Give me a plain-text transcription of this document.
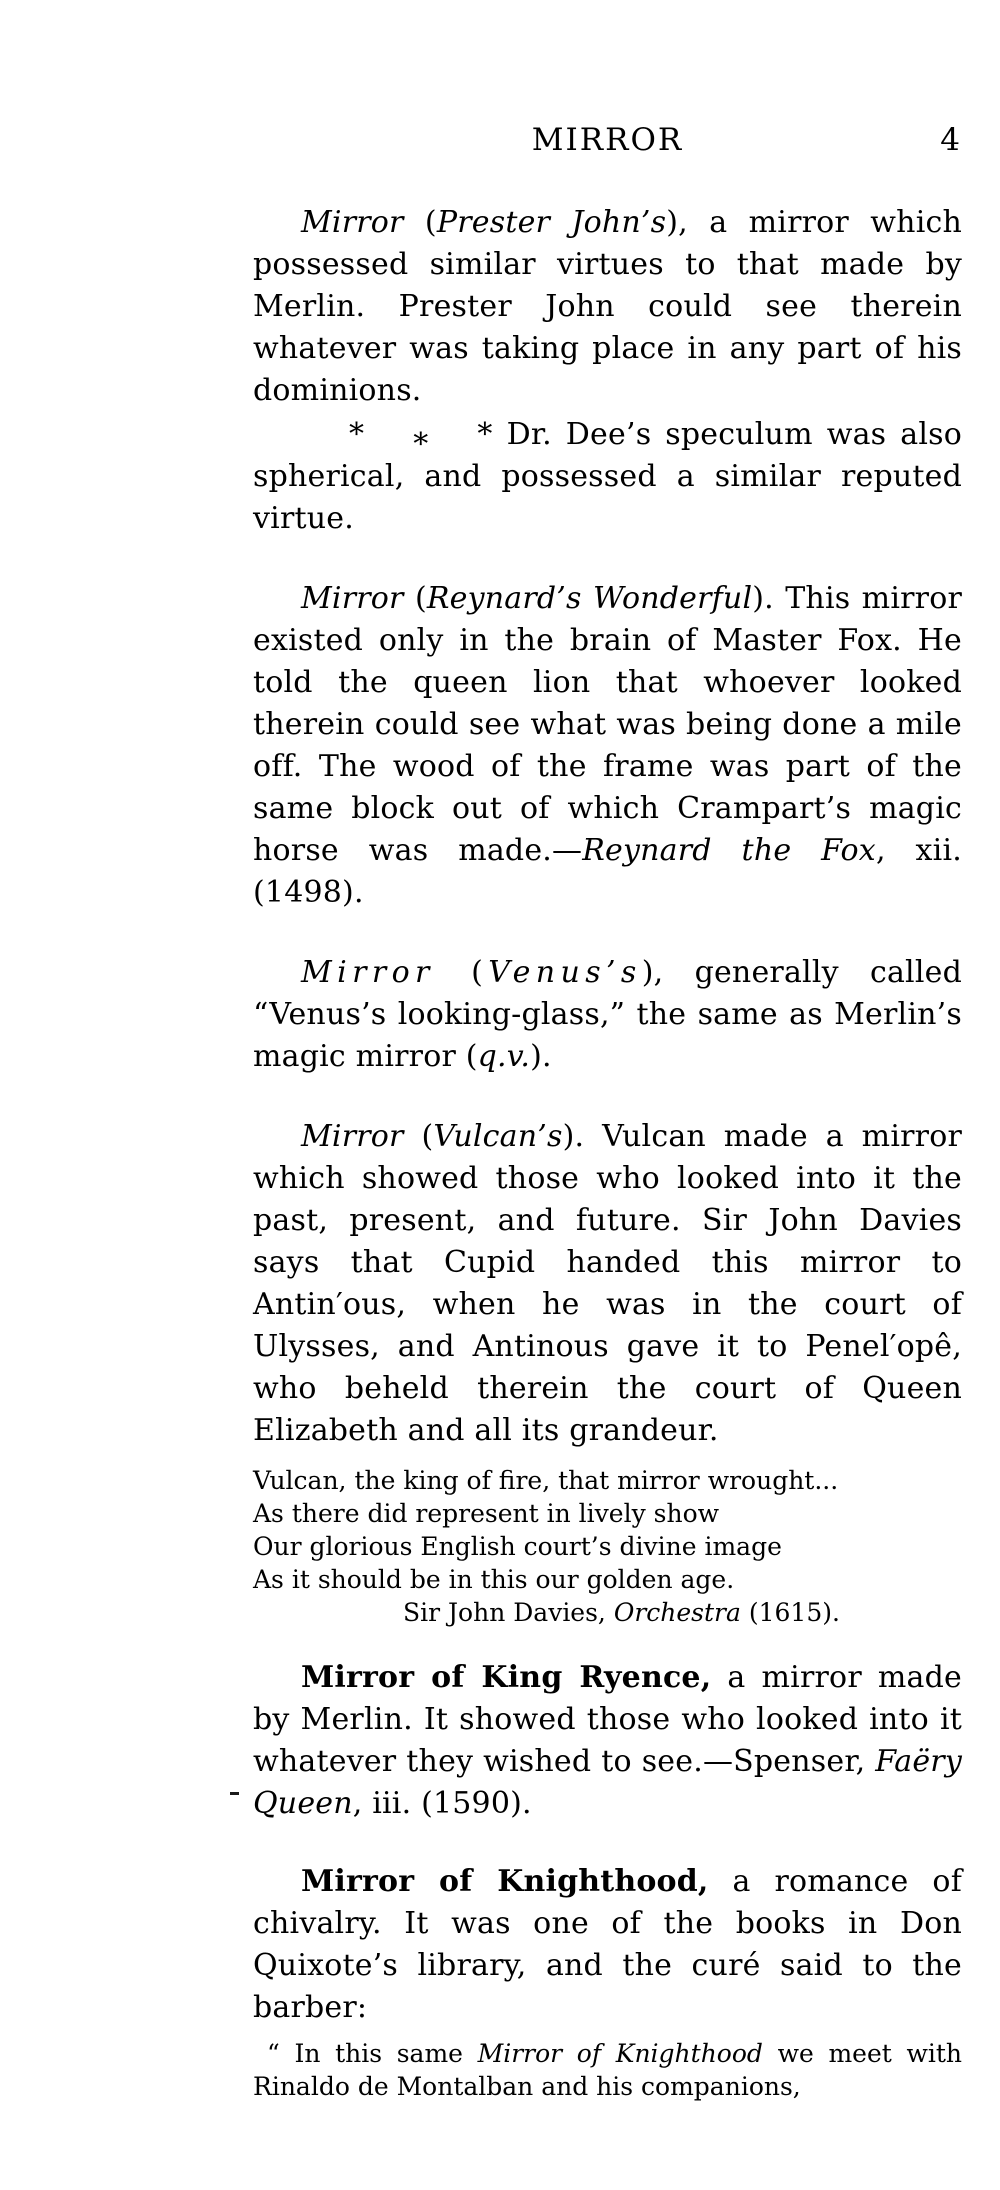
MIRROR	4

Mirror (Prester John’s), a mirror which possessed similar virtues to that made by Merlin. Prester John could see therein whatever was taking place in any part of his dominions.

* * * Dr. Dee’s speculum was also spherical, and possessed a similar reputed virtue.

Mirror (Reynard’s Wonderful). This mirror existed only in the brain of Master Fox. He told the queen lion that whoever looked therein could see what was being done a mile off. The wood of the frame was part of the same block out of which Crampart’s magic horse was made.—Reynard the Fox, xii. (1498).

Mirror (Venus’s), generally called “Venus’s looking-glass,” the same as Merlin’s magic mirror (q.v.).

Mirror (Vulcan’s). Vulcan made a mirror which showed those who looked into it the past, present, and future. Sir John Davies says that Cupid handed this mirror to Antin′ous, when he was in the court of Ulysses, and Antinous gave it to Penel′opê, who beheld therein the court of Queen Elizabeth and all its grandeur.

Vulcan, the king of fire, that mirror wrought...
As there did represent in lively show
Our glorious English court’s divine image
As it should be in this our golden age.
Sir John Davies, Orchestra (1615).

Mirror of King Ryence, a mirror made by Merlin. It showed those who looked into it whatever they wished to see.—Spenser, Faëry Queen, iii. (1590).

Mirror of Knighthood, a romance of chivalry. It was one of the books in Don Quixote’s library, and the curé said to the barber:

“ In this same Mirror of Knighthood we meet with Rinaldo de Montalban and his companions,
